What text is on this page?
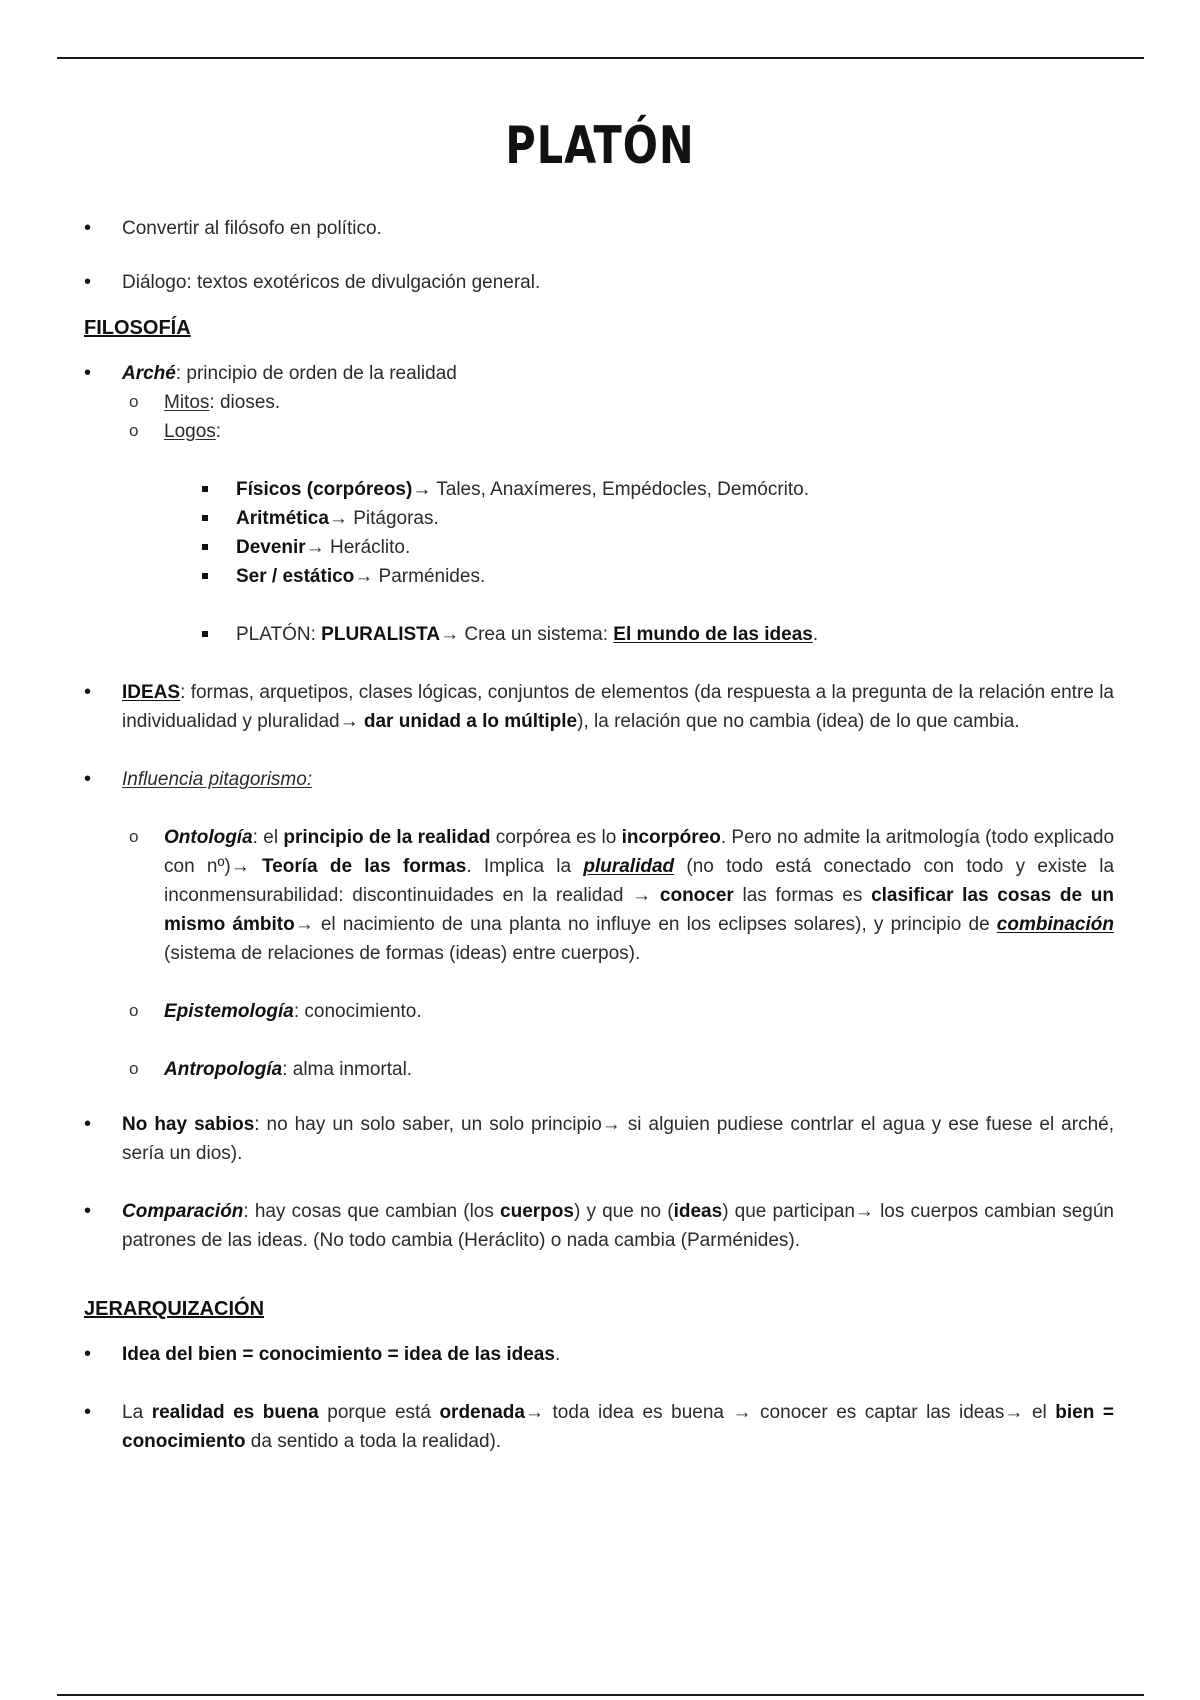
PLATÓN

• Convertir al filósofo en político.

• Diálogo: textos exotéricos de divulgación general.

FILOSOFÍA

• Arché: principio de orden de la realidad

o Mitos: dioses.

o Logos:

Físicos (corpóreos)→ Tales, Anaxímeres, Empédocles, Demócrito.

Aritmética→ Pitágoras.

Devenir→ Heráclito.

Ser / estático→ Parménides.

PLATÓN: PLURALISTA→ Crea un sistema: El mundo de las ideas.

• IDEAS: formas, arquetipos, clases lógicas, conjuntos de elementos (da respuesta a la pregunta de la relación entre la individualidad y pluralidad→ dar unidad a lo múltiple), la relación que no cambia (idea) de lo que cambia.

• Influencia pitagorismo:

o Ontología: el principio de la realidad corpórea es lo incorpóreo. Pero no admite la aritmología (todo explicado con nº)→ Teoría de las formas. Implica la pluralidad (no todo está conectado con todo y existe la inconmensurabilidad: discontinuidades en la realidad → conocer las formas es clasificar las cosas de un mismo ámbito→ el nacimiento de una planta no influye en los eclipses solares), y principio de combinación (sistema de relaciones de formas (ideas) entre cuerpos).

o Epistemología: conocimiento.

o Antropología: alma inmortal.

• No hay sabios: no hay un solo saber, un solo principio→ si alguien pudiese contrlar el agua y ese fuese el arché, sería un dios).

• Comparación: hay cosas que cambian (los cuerpos) y que no (ideas) que participan→ los cuerpos cambian según patrones de las ideas. (No todo cambia (Heráclito) o nada cambia (Parménides).

JERARQUIZACIÓN

• Idea del bien = conocimiento = idea de las ideas.

• La realidad es buena porque está ordenada→ toda idea es buena → conocer es captar las ideas→ el bien = conocimiento da sentido a toda la realidad).
